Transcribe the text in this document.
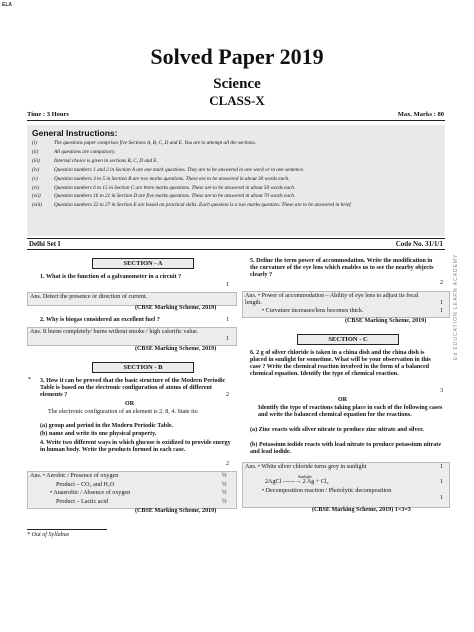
ELA
Solved Paper 2019
Science
CLASS-X
Time : 3 Hours	Max. Marks : 80
General Instructions:
(i)	The questions paper comprises five Sections A, B, C, D and E. You are to attempt all the sections.
(ii)	All questions are compulsory.
(iii)	Internal choice is given in sections B, C, D and E.
(iv)	Question numbers 1 and 2 in Section A are one mark questions. They are to be answered in one word or in one sentence.
(v)	Question numbers 3 to 5 in Section B are two marks questions. These are to be answered in about 30 words each.
(vi)	Question numbers 6 to 15 in Section C are three marks questions. These are to be answered in about 50 words each.
(vii)	Question numbers 16 to 21 in Section D are five marks questions. These are to be answered in about 70 words each.
(viii) Question numbers 22 to 27 in Section E are based on practical skills. Each question is a two marks question. These are to be answered in brief.
Delhi Set I	Code No. 31/1/1
SECTION - A
1. What is the function of a galvanometer in a circuit ?
1
Ans. Detect the presence or direction of current.
(CBSE Marking Scheme, 2019)
2. Why is biogas considered an excellent fuel ?	1
Ans. It burns completely/ burns without smoke / high calorific value.
1
(CBSE Marking Scheme, 2019)
SECTION - B
* 3. How it can be proved that the basic structure of the Modern Periodic Table is based on the electronic configuration of atoms of different elements ?	2
OR
The electronic configuration of an element is 2, 8, 4. State its:
(a) group and period in the Modern Periodic Table.
(b) name and write its one physical property.
4. Write two different ways in which glucose is oxidized to provide energy in human body. Write the products formed in each case.
2
Ans. • Aerobic / Presence of oxygen	½
Product – CO₂ and H₂O	½
• Anaerobic / Absence of oxygen	½
Product – Lactic acid	½
(CBSE Marking Scheme, 2019)
5. Define the term power of accommodation. Write the modification in the curvature of the eye lens which enables us to see the nearby objects clearly ?
2
Ans. • Power of accommodation – Ability of eye lens to adjust its focal length.	1
• Curvature increases/lens becomes thick.	1
(CBSE Marking Scheme, 2019)
SECTION - C
6. 2 g of silver chloride is taken in a china dish and the china dish is placed in sunlight for sometime. What will be your observation in this case ? Write the chemical reaction involved in the form of a balanced chemical equation. Identify the type of chemical reaction.
3
OR
Identify the type of reactions taking place in each of the following cases and write the balanced chemical equation for the reactions.
(a) Zinc reacts with silver nitrate to produce zinc nitrate and silver.
(b) Potassium iodide reacts with lead nitrate to produce potassium nitrate and lead iodide.
Ans. • White silver chloride turns grey in sunlight	1
Sunlight
2AgCl ——→ 2 Ag + Cl₂	1
• Decomposition reaction / Photolytic decomposition
1
(CBSE Marking Scheme, 2019) 1×3=3
* Out of Syllabus
Ed EDUCATION LEARN ACADEMY
